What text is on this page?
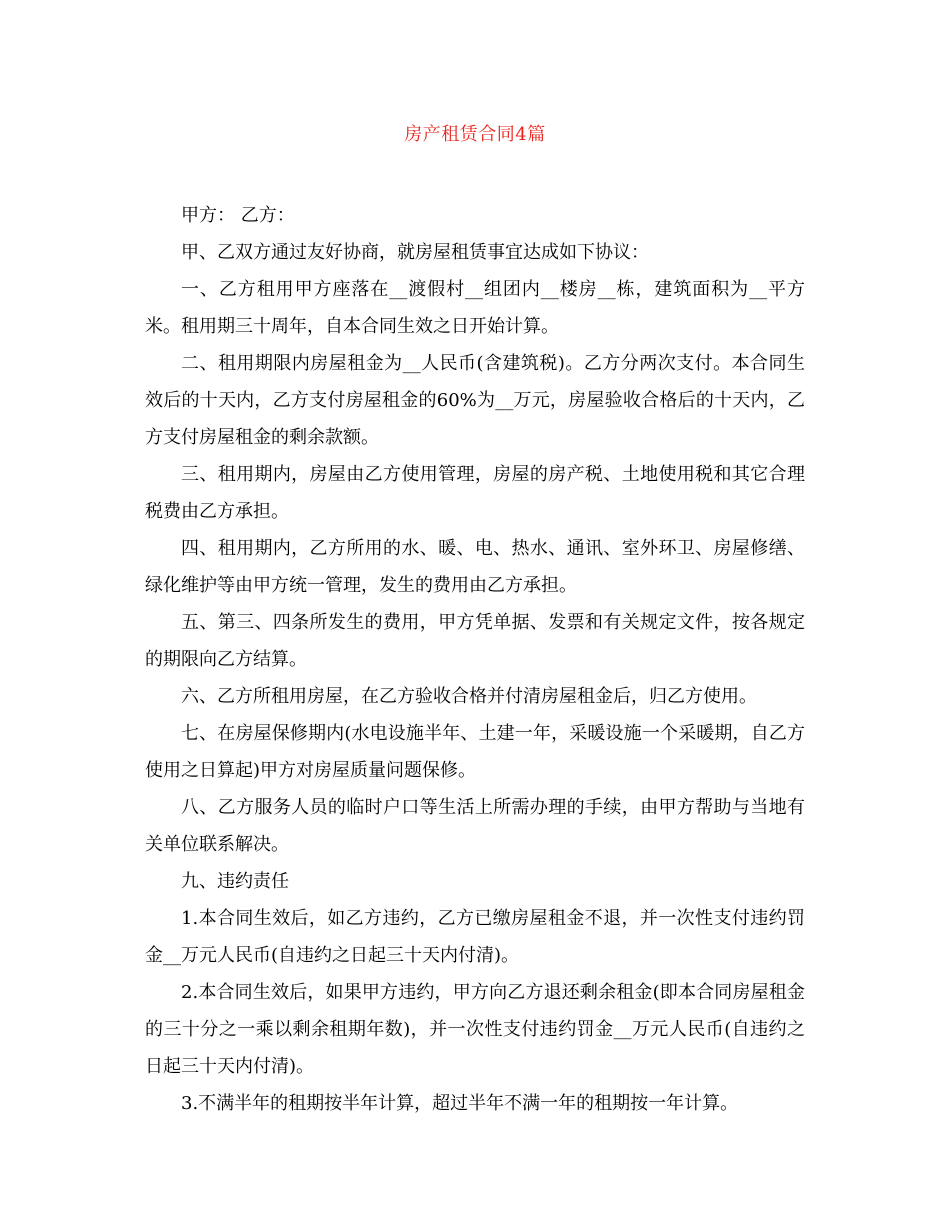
房产租赁合同4篇

甲方： 乙方：

甲、乙双方通过友好协商，就房屋租赁事宜达成如下协议：

一、乙方租用甲方座落在__渡假村__组团内__楼房__栋，建筑面积为__平方米。租用期三十周年，自本合同生效之日开始计算。

二、租用期限内房屋租金为__人民币(含建筑税)。乙方分两次支付。本合同生效后的十天内，乙方支付房屋租金的60%为__万元，房屋验收合格后的十天内，乙方支付房屋租金的剩余款额。

三、租用期内，房屋由乙方使用管理，房屋的房产税、土地使用税和其它合理税费由乙方承担。

四、租用期内，乙方所用的水、暖、电、热水、通讯、室外环卫、房屋修缮、绿化维护等由甲方统一管理，发生的费用由乙方承担。

五、第三、四条所发生的费用，甲方凭单据、发票和有关规定文件，按各规定的期限向乙方结算。

六、乙方所租用房屋，在乙方验收合格并付清房屋租金后，归乙方使用。

七、在房屋保修期内(水电设施半年、土建一年，采暖设施一个采暖期，自乙方使用之日算起)甲方对房屋质量问题保修。

八、乙方服务人员的临时户口等生活上所需办理的手续，由甲方帮助与当地有关单位联系解决。

九、违约责任

1.本合同生效后，如乙方违约，乙方已缴房屋租金不退，并一次性支付违约罚金__万元人民币(自违约之日起三十天内付清)。

2.本合同生效后，如果甲方违约，甲方向乙方退还剩余租金(即本合同房屋租金的三十分之一乘以剩余租期年数)，并一次性支付违约罚金__万元人民币(自违约之日起三十天内付清)。

3.不满半年的租期按半年计算，超过半年不满一年的租期按一年计算。
